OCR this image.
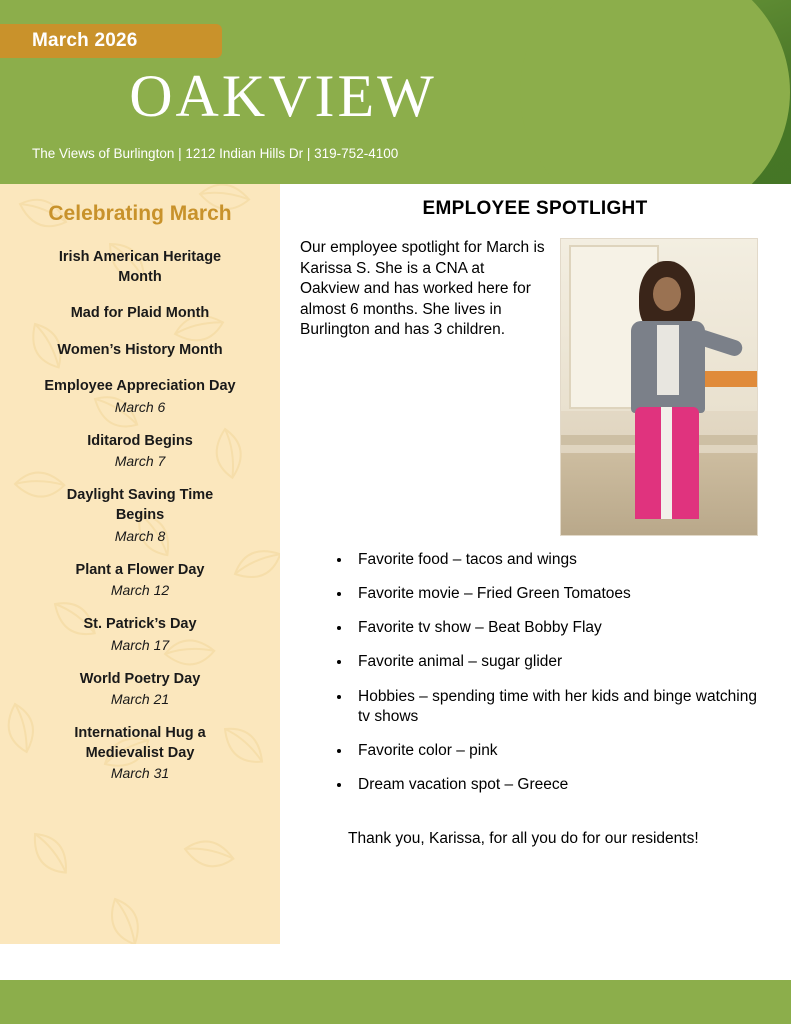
March 2026
OAKVIEW
The Views of Burlington | 1212 Indian Hills Dr | 319-752-4100
Celebrating March
Irish American Heritage Month
Mad for Plaid Month
Women’s History Month
Employee Appreciation Day
March 6
Iditarod Begins
March 7
Daylight Saving Time Begins
March 8
Plant a Flower Day
March 12
St. Patrick’s Day
March 17
World Poetry Day
March 21
International Hug a Medievalist Day
March 31
EMPLOYEE SPOTLIGHT
Our employee spotlight for March is Karissa S. She is a CNA at Oakview and has worked here for almost 6 months. She lives in Burlington and has 3 children.
• Favorite food – tacos and wings
• Favorite movie – Fried Green Tomatoes
• Favorite tv show – Beat Bobby Flay
• Favorite animal – sugar glider
• Hobbies – spending time with her kids and binge watching tv shows
• Favorite color – pink
• Dream vacation spot – Greece
Thank you, Karissa, for all you do for our residents!
